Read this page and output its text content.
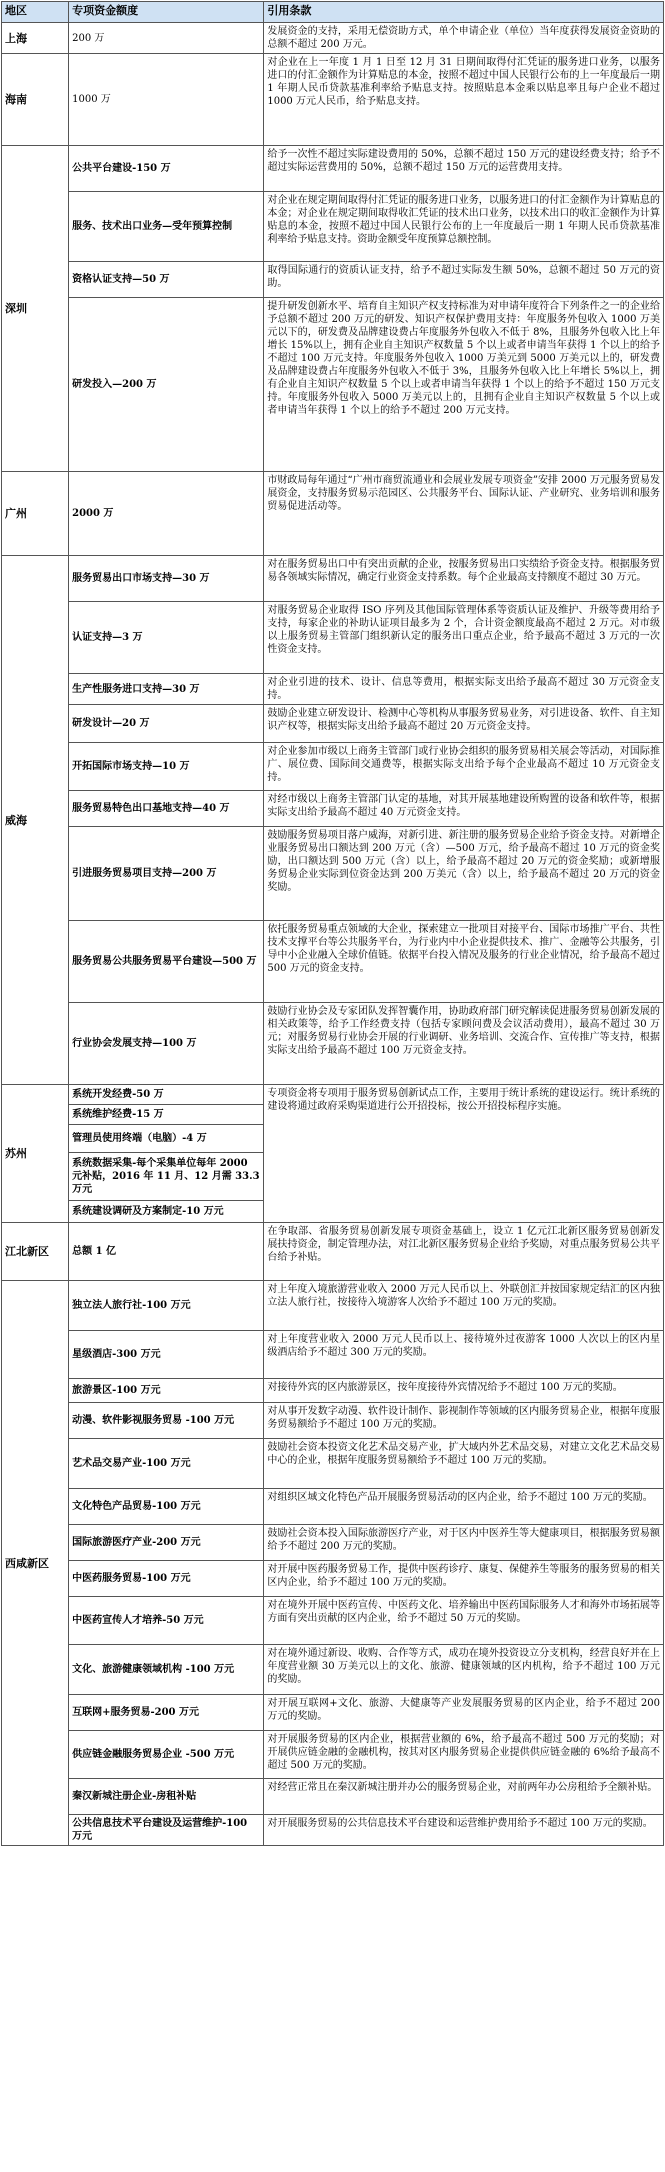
地区	专项资金额度	引用条款
上海	200 万	发展资金的支持，采用无偿资助方式，单个申请企业（单位）当年度获得发展资金资助的总额不超过 200 万元。
海南	1000 万	对企业在上一年度 1 月 1 日至 12 月 31 日期间取得付汇凭证的服务进口业务，以服务进口的付汇金额作为计算贴息的本金，按照不超过中国人民银行公布的上一年度最后一期 1 年期人民币贷款基准利率给予贴息支持。按照贴息本金乘以贴息率且每户企业不超过 1000 万元人民币，给予贴息支持。
深圳	公共平台建设-150 万	给予一次性不超过实际建设费用的 50%，总额不超过 150 万元的建设经费支持；给予不超过实际运营费用的 50%，总额不超过 150 万元的运营费用支持。
	服务、技术出口业务—受年预算控制	对企业在规定期间取得付汇凭证的服务进口业务，以服务进口的付汇金额作为计算贴息的本金；对企业在规定期间取得收汇凭证的技术出口业务，以技术出口的收汇金额作为计算贴息的本金，按照不超过中国人民银行公布的上一年度最后一期 1 年期人民币贷款基准利率给予贴息支持。资助金额受年度预算总额控制。
	资格认证支持—50 万	取得国际通行的资质认证支持，给予不超过实际发生额 50%，总额不超过 50 万元的资助。
	研发投入—200 万	提升研发创新水平、培育自主知识产权支持标准为对申请年度符合下列条件之一的企业给予总额不超过 200 万元的研发、知识产权保护费用支持：年度服务外包收入 1000 万美元以下的，研发费及品牌建设费占年度服务外包收入不低于 8%，且服务外包收入比上年增长 15%以上，拥有企业自主知识产权数量 5 个以上或者申请当年获得 1 个以上的给予不超过 100 万元支持。年度服务外包收入 1000 万美元到 5000 万美元以上的，研发费及品牌建设费占年度服务外包收入不低于 3%，且服务外包收入比上年增长 5%以上，拥有企业自主知识产权数量 5 个以上或者申请当年获得 1 个以上的给予不超过 150 万元支持。年度服务外包收入 5000 万美元以上的，且拥有企业自主知识产权数量 5 个以上或者申请当年获得 1 个以上的给予不超过 200 万元支持。
广州	2000 万	市财政局每年通过“广州市商贸流通业和会展业发展专项资金”安排 2000 万元服务贸易发展资金，支持服务贸易示范园区、公共服务平台、国际认证、产业研究、业务培训和服务贸易促进活动等。
威海	服务贸易出口市场支持—30 万	对在服务贸易出口中有突出贡献的企业，按服务贸易出口实绩给予资金支持。根据服务贸易各领域实际情况，确定行业资金支持系数。每个企业最高支持额度不超过 30 万元。
	认证支持—3 万	对服务贸易企业取得 ISO 序列及其他国际管理体系等资质认证及维护、升级等费用给予支持，每家企业的补助认证项目最多为 2 个，合计资金额度最高不超过 2 万元。对市级以上服务贸易主管部门组织新认定的服务出口重点企业，给予最高不超过 3 万元的一次性资金支持。
	生产性服务进口支持—30 万	对企业引进的技术、设计、信息等费用，根据实际支出给予最高不超过 30 万元资金支持。
	研发设计—20 万	鼓励企业建立研发设计、检测中心等机构从事服务贸易业务，对引进设备、软件、自主知识产权等，根据实际支出给予最高不超过 20 万元资金支持。
	开拓国际市场支持—10 万	对企业参加市级以上商务主管部门或行业协会组织的服务贸易相关展会等活动，对国际推广、展位费、国际间交通费等，根据实际支出给予每个企业最高不超过 10 万元资金支持。
	服务贸易特色出口基地支持—40 万	对经市级以上商务主管部门认定的基地，对其开展基地建设所购置的设备和软件等，根据实际支出给予最高不超过 40 万元资金支持。
	引进服务贸易项目支持—200 万	鼓励服务贸易项目落户威海，对新引进、新注册的服务贸易企业给予资金支持。对新增企业服务贸易出口额达到 200 万元（含）—500 万元，给予最高不超过 10 万元的资金奖励，出口额达到 500 万元（含）以上，给予最高不超过 20 万元的资金奖励；或新增服务贸易企业实际到位资金达到 200 万美元（含）以上，给予最高不超过 20 万元的资金奖励。
	服务贸易公共服务贸易平台建设—500 万	依托服务贸易重点领域的大企业，探索建立一批项目对接平台、国际市场推广平台、共性技术支撑平台等公共服务平台，为行业内中小企业提供技术、推广、金融等公共服务，引导中小企业融入全球价值链。依据平台投入情况及服务的行业企业情况，给予最高不超过 500 万元的资金支持。
	行业协会发展支持—100 万	鼓励行业协会及专家团队发挥智囊作用，协助政府部门研究解读促进服务贸易创新发展的相关政策等，给予工作经费支持（包括专家顾问费及会议活动费用），最高不超过 30 万元；对服务贸易行业协会开展的行业调研、业务培训、交流合作、宣传推广等支持，根据实际支出给予最高不超过 100 万元资金支持。
苏州	系统开发经费-50 万	专项资金将专项用于服务贸易创新试点工作，主要用于统计系统的建设运行。统计系统的建设将通过政府采购渠道进行公开招投标，按公开招投标程序实施。
	系统维护经费-15 万	
	管理员使用终端（电脑）-4 万	
	系统数据采集-每个采集单位每年 2000 元补贴，2016 年 11 月、12 月需 33.3 万元	
	系统建设调研及方案制定-10 万元	
江北新区	总额 1 亿	在争取部、省服务贸易创新发展专项资金基础上，设立 1 亿元江北新区服务贸易创新发展扶持资金，制定管理办法，对江北新区服务贸易企业给予奖励，对重点服务贸易公共平台给予补贴。
西咸新区	独立法人旅行社-100 万元	对上年度入境旅游营业收入 2000 万元人民币以上、外联创汇并按国家规定结汇的区内独立法人旅行社，按接待入境游客人次给予不超过 100 万元的奖励。
	星级酒店-300 万元	对上年度营业收入 2000 万元人民币以上、接待境外过夜游客 1000 人次以上的区内星级酒店给予不超过 300 万元的奖励。
	旅游景区-100 万元	对接待外宾的区内旅游景区，按年度接待外宾情况给予不超过 100 万元的奖励。
	动漫、软件影视服务贸易 -100 万元	对从事开发数字动漫、软件设计制作、影视制作等领域的区内服务贸易企业，根据年度服务贸易额给予不超过 100 万元的奖励。
	艺术品交易产业-100 万元	鼓励社会资本投资文化艺术品交易产业，扩大域内外艺术品交易，对建立文化艺术品交易中心的企业，根据年度服务贸易额给予不超过 100 万元的奖励。
	文化特色产品贸易-100 万元	对组织区域文化特色产品开展服务贸易活动的区内企业，给予不超过 100 万元的奖励。
	国际旅游医疗产业-200 万元	鼓励社会资本投入国际旅游医疗产业，对于区内中医养生等大健康项目，根据服务贸易额给予不超过 200 万元的奖励。
	中医药服务贸易-100 万元	对开展中医药服务贸易工作，提供中医药诊疗、康复、保健养生等服务的服务贸易的相关区内企业，给予不超过 100 万元的奖励。
	中医药宣传人才培养-50 万元	对在境外开展中医药宣传、中医药文化、培养输出中医药国际服务人才和海外市场拓展等方面有突出贡献的区内企业，给予不超过 50 万元的奖励。
	文化、旅游健康领域机构 -100 万元	对在境外通过新设、收购、合作等方式，成功在境外投资设立分支机构，经营良好并在上年度营业额 30 万美元以上的文化、旅游、健康领域的区内机构，给予不超过 100 万元的奖励。
	互联网+服务贸易-200 万元	对开展互联网+文化、旅游、大健康等产业发展服务贸易的区内企业，给予不超过 200 万元的奖励。
	供应链金融服务贸易企业 -500 万元	对开展服务贸易的区内企业，根据营业额的 6%，给予最高不超过 500 万元的奖励；对开展供应链金融的金融机构，按其对区内服务贸易企业提供供应链金融的 6%给予最高不超过 500 万元的奖励。
	秦汉新城注册企业-房租补贴	对经营正常且在秦汉新城注册并办公的服务贸易企业，对前两年办公房租给予全额补贴。
	公共信息技术平台建设及运营维护-100 万元	对开展服务贸易的公共信息技术平台建设和运营维护费用给予不超过 100 万元的奖励。
